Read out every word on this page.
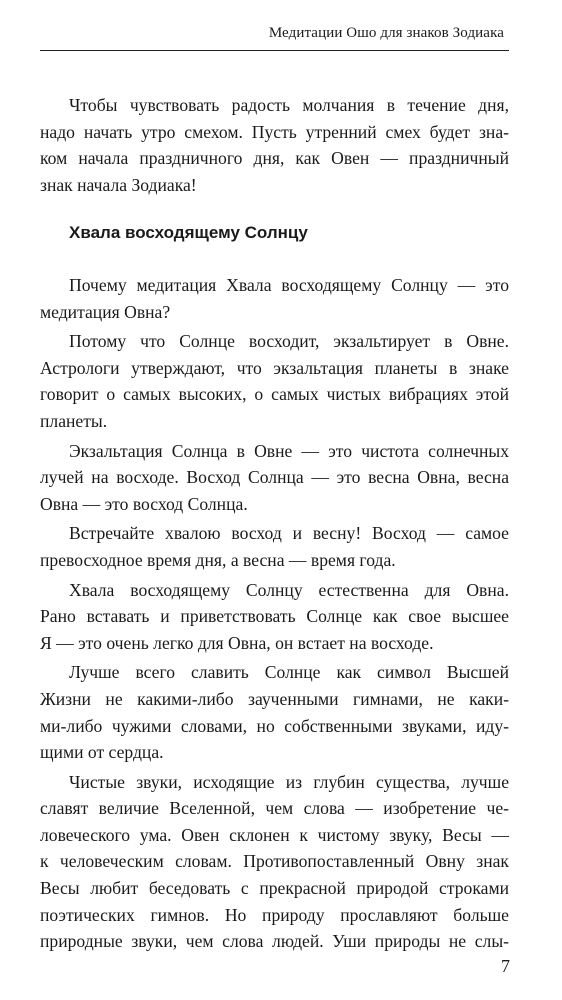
Медитации Ошо для знаков Зодиака
Чтобы чувствовать радость молчания в течение дня,
надо начать утро смехом. Пусть утренний смех будет зна-
ком начала праздничного дня, как Овен — праздничный
знак начала Зодиака!
Хвала восходящему Солнцу
Почему медитация Хвала восходящему Солнцу — это
медитация Овна?
Потому что Солнце восходит, экзальтирует в Овне.
Астрологи утверждают, что экзальтация планеты в знаке
говорит о самых высоких, о самых чистых вибрациях этой
планеты.
Экзальтация Солнца в Овне — это чистота солнечных
лучей на восходе. Восход Солнца — это весна Овна, весна
Овна — это восход Солнца.
Встречайте хвалою восход и весну! Восход — самое
превосходное время дня, а весна — время года.
Хвала восходящему Солнцу естественна для Овна.
Рано вставать и приветствовать Солнце как свое высшее
Я — это очень легко для Овна, он встает на восходе.
Лучше всего славить Солнце как символ Высшей
Жизни не какими-либо заученными гимнами, не каки-
ми-либо чужими словами, но собственными звуками, иду-
щими от сердца.
Чистые звуки, исходящие из глубин существа, лучше
славят величие Вселенной, чем слова — изобретение че-
ловеческого ума. Овен склонен к чистому звуку, Весы —
к человеческим словам. Противопоставленный Овну знак
Весы любит беседовать с прекрасной природой строками
поэтических гимнов. Но природу прославляют больше
природные звуки, чем слова людей. Уши природы не слы-
7
